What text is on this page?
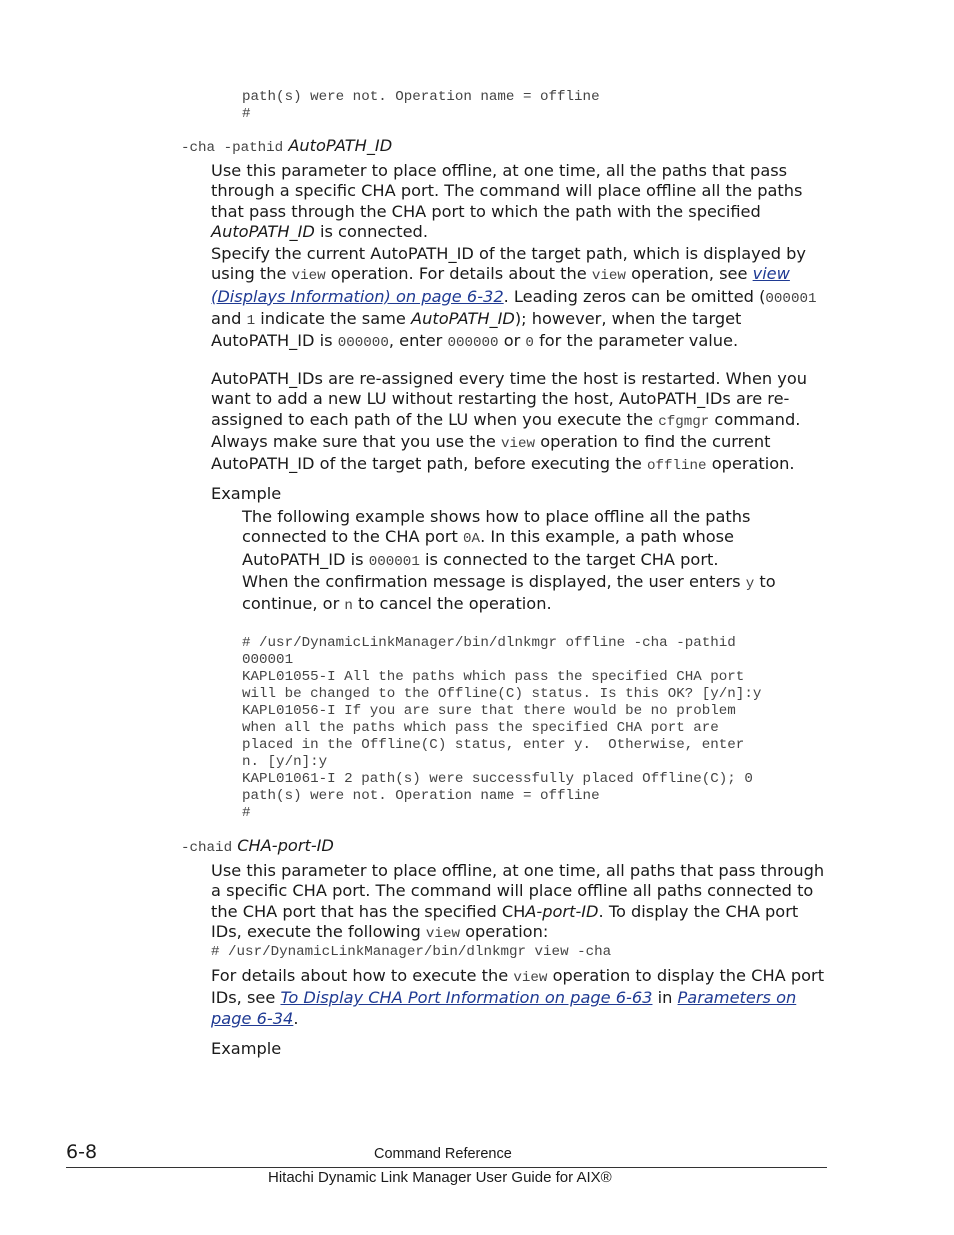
path(s) were not. Operation name = offline
#
-cha -pathid AutoPATH_ID

Use this parameter to place offline, at one time, all the paths that pass through a specific CHA port. The command will place offline all the paths that pass through the CHA port to which the path with the specified AutoPATH_ID is connected.

Specify the current AutoPATH_ID of the target path, which is displayed by using the view operation. For details about the view operation, see view (Displays Information) on page 6-32. Leading zeros can be omitted (000001 and 1 indicate the same AutoPATH_ID); however, when the target AutoPATH_ID is 000000, enter 000000 or 0 for the parameter value.

AutoPATH_IDs are re-assigned every time the host is restarted. When you want to add a new LU without restarting the host, AutoPATH_IDs are re-assigned to each path of the LU when you execute the cfgmgr command. Always make sure that you use the view operation to find the current AutoPATH_ID of the target path, before executing the offline operation.

Example

The following example shows how to place offline all the paths connected to the CHA port 0A. In this example, a path whose AutoPATH_ID is 000001 is connected to the target CHA port.

When the confirmation message is displayed, the user enters y to continue, or n to cancel the operation.

# /usr/DynamicLinkManager/bin/dlnkmgr offline -cha -pathid
000001
KAPL01055-I All the paths which pass the specified CHA port
will be changed to the Offline(C) status. Is this OK? [y/n]:y
KAPL01056-I If you are sure that there would be no problem
when all the paths which pass the specified CHA port are
placed in the Offline(C) status, enter y.  Otherwise, enter
n. [y/n]:y
KAPL01061-I 2 path(s) were successfully placed Offline(C); 0
path(s) were not. Operation name = offline
#
-chaid CHA-port-ID

Use this parameter to place offline, at one time, all paths that pass through a specific CHA port. The command will place offline all paths connected to the CHA port that has the specified CHA-port-ID. To display the CHA port IDs, execute the following view operation:

# /usr/DynamicLinkManager/bin/dlnkmgr view -cha

For details about how to execute the view operation to display the CHA port IDs, see To Display CHA Port Information on page 6-63 in Parameters on page 6-34.

Example
6-8	Command Reference
Hitachi Dynamic Link Manager User Guide for AIX®
